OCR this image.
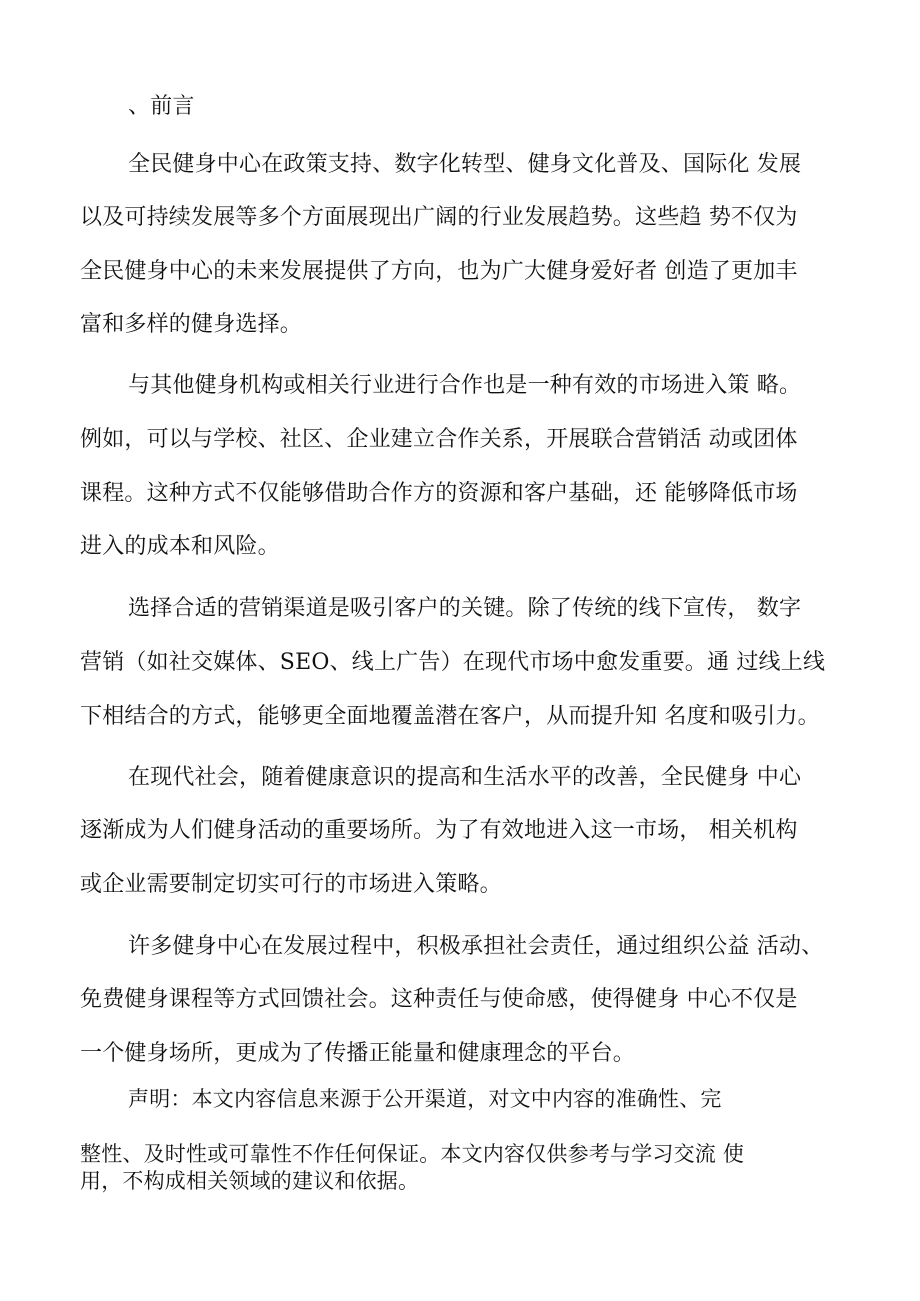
、前言
全民健身中心在政策支持、数字化转型、健身文化普及、国际化 发展
以及可持续发展等多个方面展现出广阔的行业发展趋势。这些趋 势不仅为
全民健身中心的未来发展提供了方向，也为广大健身爱好者 创造了更加丰
富和多样的健身选择。
与其他健身机构或相关行业进行合作也是一种有效的市场进入策 略。
例如，可以与学校、社区、企业建立合作关系，开展联合营销活 动或团体
课程。这种方式不仅能够借助合作方的资源和客户基础，还 能够降低市场
进入的成本和风险。
选择合适的营销渠道是吸引客户的关键。除了传统的线下宣传， 数字
营销（如社交媒体、SEO、线上广告）在现代市场中愈发重要。通 过线上线
下相结合的方式，能够更全面地覆盖潜在客户，从而提升知 名度和吸引力。
在现代社会，随着健康意识的提高和生活水平的改善，全民健身 中心
逐渐成为人们健身活动的重要场所。为了有效地进入这一市场， 相关机构
或企业需要制定切实可行的市场进入策略。
许多健身中心在发展过程中，积极承担社会责任，通过组织公益 活动、
免费健身课程等方式回馈社会。这种责任与使命感，使得健身 中心不仅是
一个健身场所，更成为了传播正能量和健康理念的平台。
声明：本文内容信息来源于公开渠道，对文中内容的准确性、完
整性、及时性或可靠性不作任何保证。本文内容仅供参考与学习交流 使
用，不构成相关领域的建议和依据。
